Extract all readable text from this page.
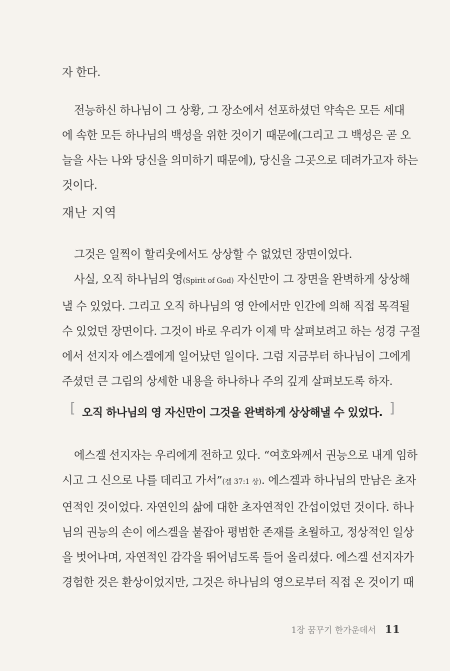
자 한다.

전능하신 하나님이 그 상황, 그 장소에서 선포하셨던 약속은 모든 세대

에 속한 모든 하나님의 백성을 위한 것이기 때문에(그리고 그 백성은 곧 오

늘을 사는 나와 당신을 의미하기 때문에), 당신을 그곳으로 데려가고자 하는

것이다.

재난 지역

그것은 일찍이 할리웃에서도 상상할 수 없었던 장면이었다.

사실, 오직 하나님의 영(Spirit of God) 자신만이 그 장면을 완벽하게 상상해

낼 수 있었다. 그리고 오직 하나님의 영 안에서만 인간에 의해 직접 목격될

수 있었던 장면이다. 그것이 바로 우리가 이제 막 살펴보려고 하는 성경 구절

에서 선지자 에스겔에게 일어났던 일이다. 그럼 지금부터 하나님이 그에게

주셨던 큰 그림의 상세한 내용을 하나하나 주의 깊게 살펴보도록 하자.

[ 오직 하나님의 영 자신만이 그것을 완벽하게 상상해낼 수 있었다. ]

에스겔 선지자는 우리에게 전하고 있다. “여호와께서 권능으로 내게 임하

시고 그 신으로 나를 데리고 가서”(겔 37:1 상). 에스겔과 하나님의 만남은 초자

연적인 것이었다. 자연인의 삶에 대한 초자연적인 간섭이었던 것이다. 하나

님의 권능의 손이 에스겔을 붙잡아 평범한 존재를 초월하고, 정상적인 일상

을 벗어나며, 자연적인 감각을 뛰어넘도록 들어 올리셨다. 에스겔 선지자가

경험한 것은 환상이었지만, 그것은 하나님의 영으로부터 직접 온 것이기 때

1장 꿈꾸기 한가운데서 11
